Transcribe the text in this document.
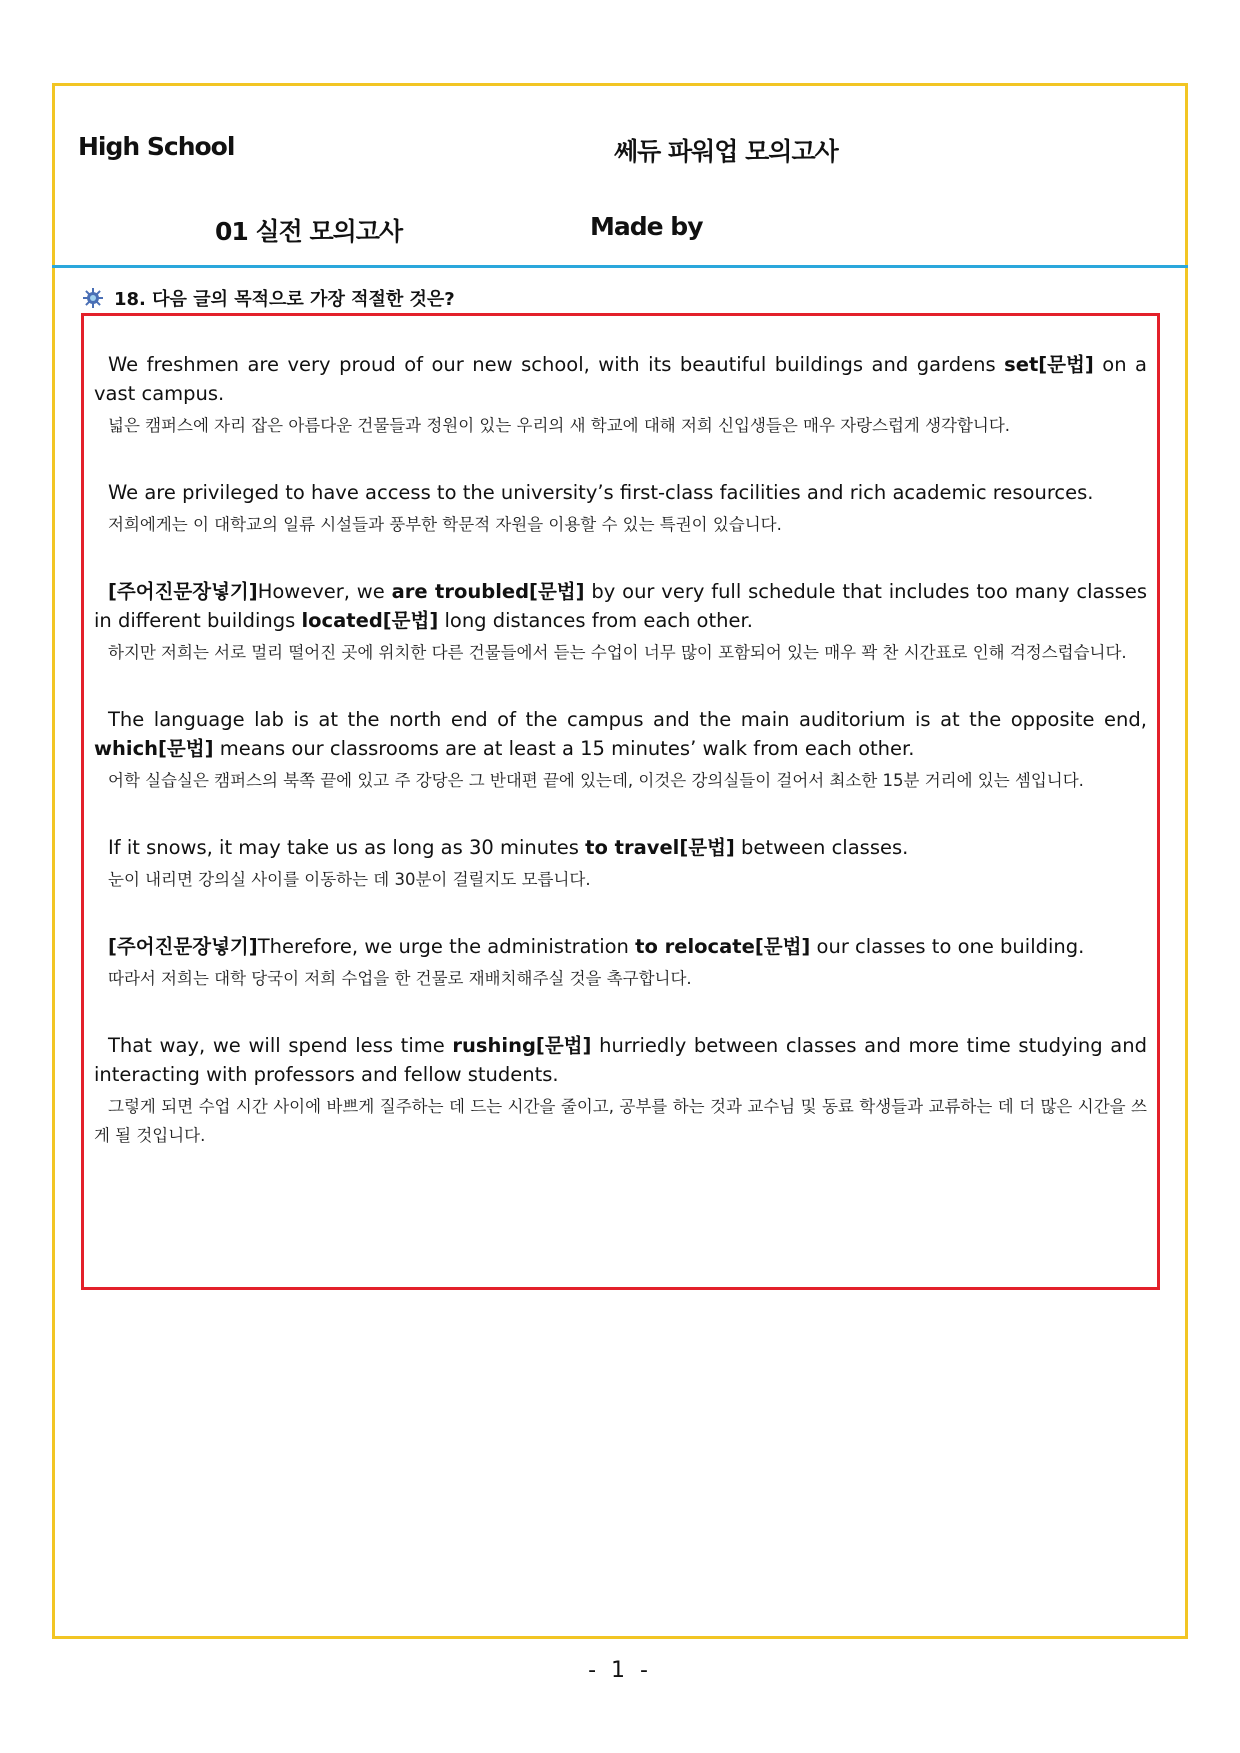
High School	쎄듀 파워업 모의고사
01 실전 모의고사	Made by
18. 다음 글의 목적으로 가장 적절한 것은?
We freshmen are very proud of our new school, with its beautiful buildings and gardens set[문법] on a vast campus.
넓은 캠퍼스에 자리 잡은 아름다운 건물들과 정원이 있는 우리의 새 학교에 대해 저희 신입생들은 매우 자랑스럽게 생각합니다.
We are privileged to have access to the university’s first-class facilities and rich academic resources.
저희에게는 이 대학교의 일류 시설들과 풍부한 학문적 자원을 이용할 수 있는 특권이 있습니다.
[주어진문장넣기]However, we are troubled[문법] by our very full schedule that includes too many classes in different buildings located[문법] long distances from each other.
하지만 저희는 서로 멀리 떨어진 곳에 위치한 다른 건물들에서 듣는 수업이 너무 많이 포함되어 있는 매우 꽉 찬 시간표로 인해 걱정스럽습니다.
The language lab is at the north end of the campus and the main auditorium is at the opposite end, which[문법] means our classrooms are at least a 15 minutes’ walk from each other.
어학 실습실은 캠퍼스의 북쪽 끝에 있고 주 강당은 그 반대편 끝에 있는데, 이것은 강의실들이 걸어서 최소한 15분 거리에 있는 셈입니다.
If it snows, it may take us as long as 30 minutes to travel[문법] between classes.
눈이 내리면 강의실 사이를 이동하는 데 30분이 걸릴지도 모릅니다.
[주어진문장넣기]Therefore, we urge the administration to relocate[문법] our classes to one building.
따라서 저희는 대학 당국이 저희 수업을 한 건물로 재배치해주실 것을 촉구합니다.
That way, we will spend less time rushing[문법] hurriedly between classes and more time studying and interacting with professors and fellow students.
그렇게 되면 수업 시간 사이에 바쁘게 질주하는 데 드는 시간을 줄이고, 공부를 하는 것과 교수님 및 동료 학생들과 교류하는 데 더 많은 시간을 쓰게 될 것입니다.
- 1 -
